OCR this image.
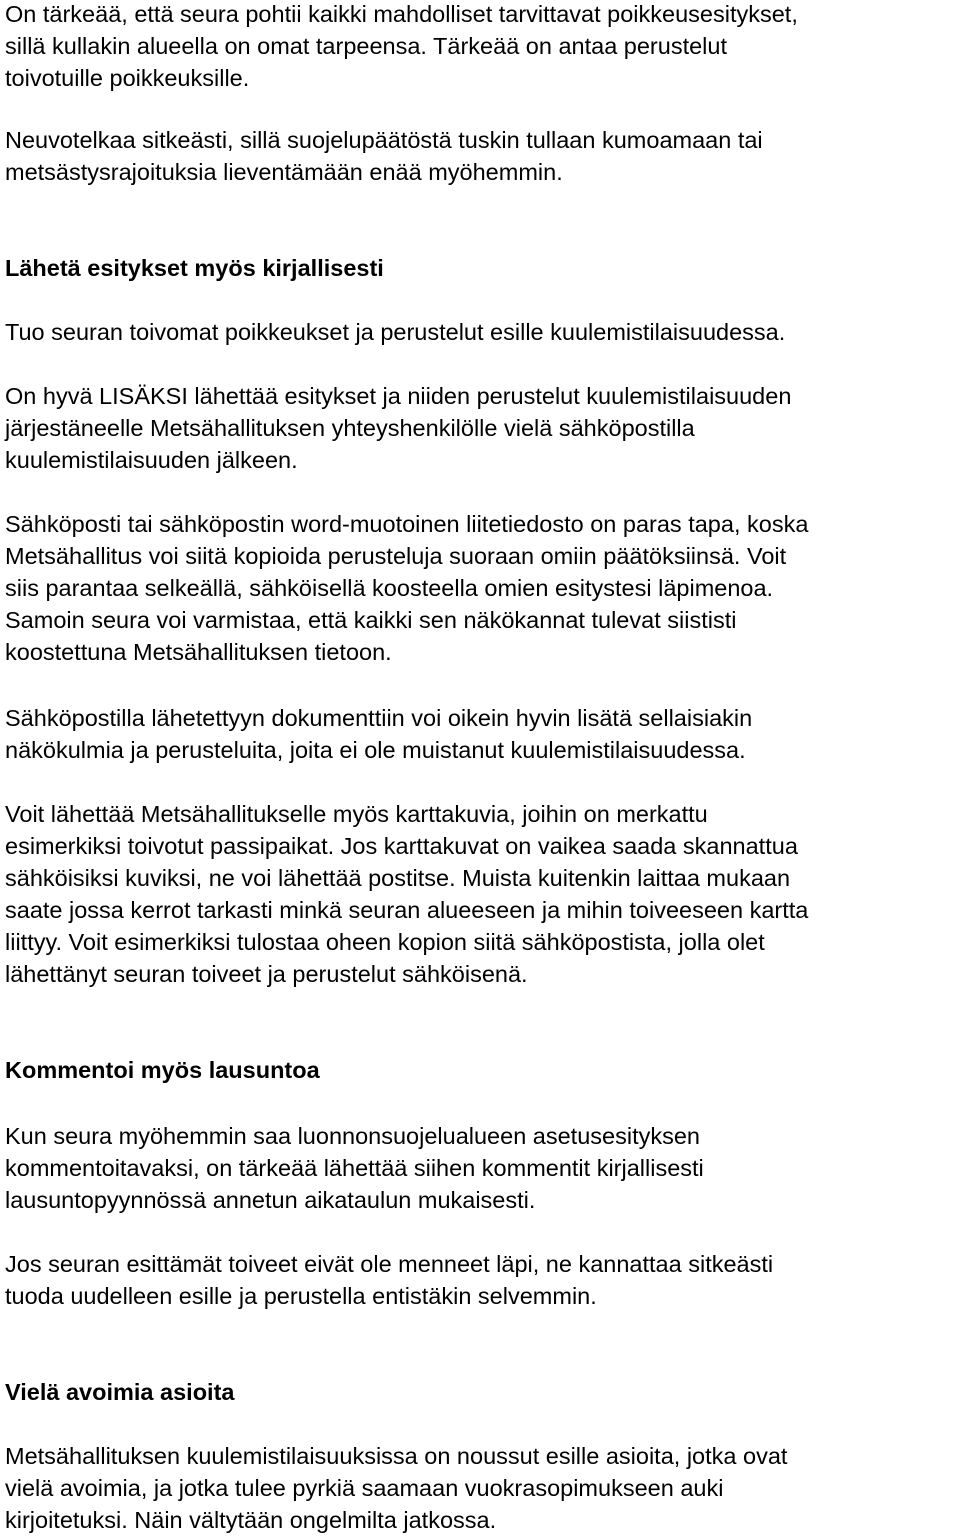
On tärkeää, että seura pohtii kaikki mahdolliset tarvittavat poikkeusesitykset,
sillä kullakin alueella on omat tarpeensa. Tärkeää on antaa perustelut
toivotuille poikkeuksille.
Neuvotelkaa sitkeästi, sillä suojelupäätöstä tuskin tullaan kumoamaan tai
metsästysrajoituksia lieventämään enää myöhemmin.
Lähetä esitykset myös kirjallisesti
Tuo seuran toivomat poikkeukset ja perustelut esille kuulemistilaisuudessa.
On hyvä LISÄKSI lähettää esitykset ja niiden perustelut kuulemistilaisuuden
järjestäneelle Metsähallituksen yhteyshenkilölle vielä sähköpostilla
kuulemistilaisuuden jälkeen.
Sähköposti tai sähköpostin word-muotoinen liitetiedosto on paras tapa, koska
Metsähallitus voi siitä kopioida perusteluja suoraan omiin päätöksiinsä. Voit
siis parantaa selkeällä, sähköisellä koosteella omien esitystesi läpimenoa.
Samoin seura voi varmistaa, että kaikki sen näkökannat tulevat siististi
koostettuna Metsähallituksen tietoon.
Sähköpostilla lähetettyyn dokumenttiin voi oikein hyvin lisätä sellaisiakin
näkökulmia ja perusteluita, joita ei ole muistanut kuulemistilaisuudessa.
Voit lähettää Metsähallitukselle myös karttakuvia, joihin on merkattu
esimerkiksi toivotut passipaikat. Jos karttakuvat on vaikea saada skannattua
sähköisiksi kuviksi, ne voi lähettää postitse. Muista kuitenkin laittaa mukaan
saate jossa kerrot tarkasti minkä seuran alueeseen ja mihin toiveeseen kartta
liittyy. Voit esimerkiksi tulostaa oheen kopion siitä sähköpostista, jolla olet
lähettänyt seuran toiveet ja perustelut sähköisenä.
Kommentoi myös lausuntoa
Kun seura myöhemmin saa luonnonsuojelualueen asetusesityksen
kommentoitavaksi, on tärkeää lähettää siihen kommentit kirjallisesti
lausuntopyynnössä annetun aikataulun mukaisesti.
Jos seuran esittämät toiveet eivät ole menneet läpi, ne kannattaa sitkeästi
tuoda uudelleen esille ja perustella entistäkin selvemmin.
Vielä avoimia asioita
Metsähallituksen kuulemistilaisuuksissa on noussut esille asioita, jotka ovat
vielä avoimia, ja jotka tulee pyrkiä saamaan vuokrasopimukseen auki
kirjoitetuksi. Näin vältytään ongelmilta jatkossa.
